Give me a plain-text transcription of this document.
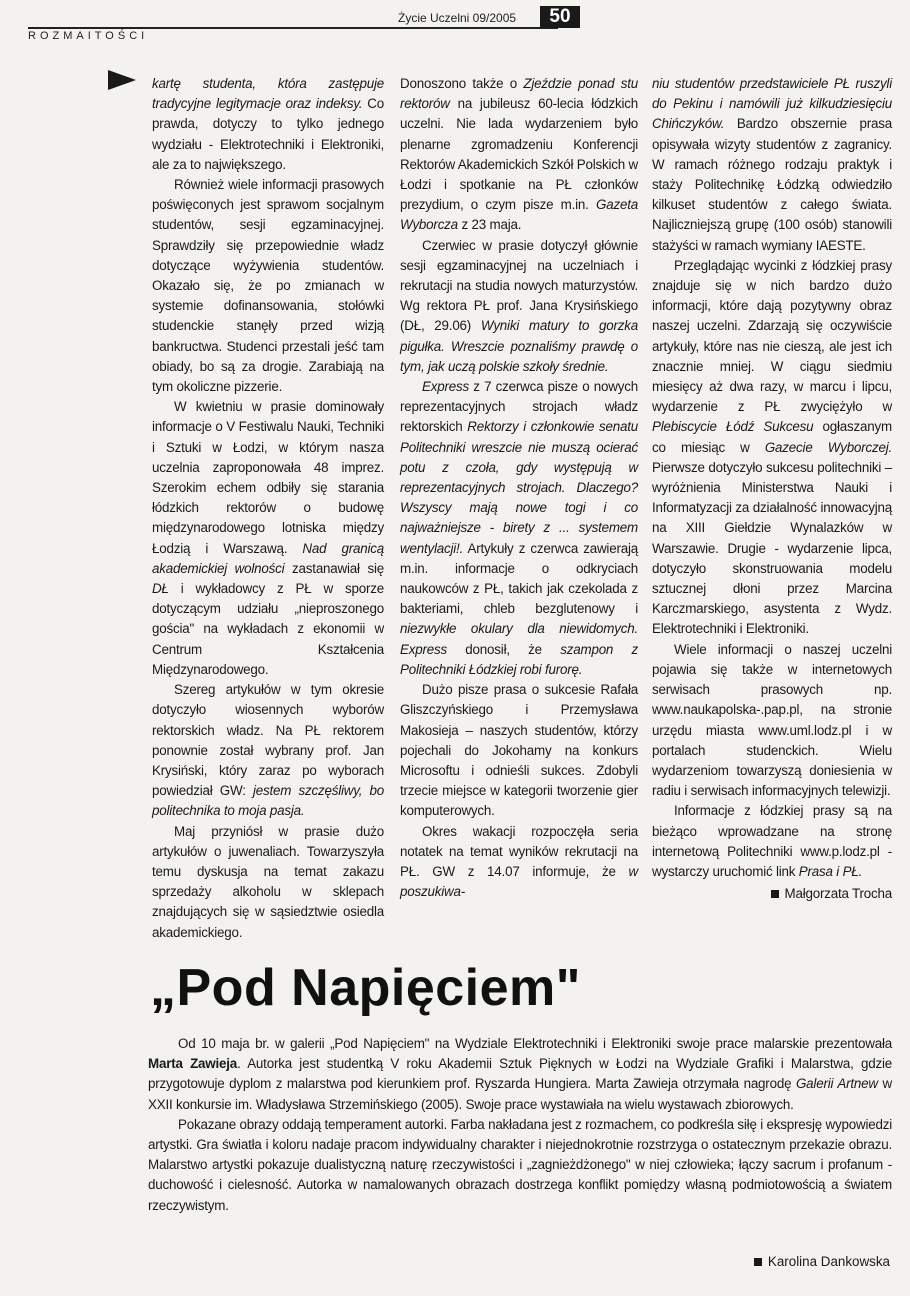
ROZMAITOŚCI
Życie Uczelni 09/2005	50

kartę studenta, która zastępuje tradycyjne legitymacje oraz indeksy. Co prawda, dotyczy to tylko jednego wydziału - Elektrotechniki i Elektroniki, ale za to największego.

Również wiele informacji prasowych poświęconych jest sprawom socjalnym studentów, sesji egzaminacyjnej. Sprawdziły się przepowiednie władz dotyczące wyżywienia studentów. Okazało się, że po zmianach w systemie dofinansowania, stołówki studenckie stanęły przed wizją bankructwa. Studenci przestali jeść tam obiady, bo są za drogie. Zarabiają na tym okoliczne pizzerie.

W kwietniu w prasie dominowały informacje o V Festiwalu Nauki, Techniki i Sztuki w Łodzi, w którym nasza uczelnia zaproponowała 48 imprez. Szerokim echem odbiły się starania łódzkich rektorów o budowę międzynarodowego lotniska między Łodzią i Warszawą. Nad granicą akademickiej wolności zastanawiał się DŁ i wykładowcy z PŁ w sporze dotyczącym udziału „nieproszonego gościa" na wykładach z ekonomii w Centrum Kształcenia Międzynarodowego.

Szereg artykułów w tym okresie dotyczyło wiosennych wyborów rektorskich władz. Na PŁ rektorem ponownie został wybrany prof. Jan Krysiński, który zaraz po wyborach powiedział GW: jestem szczęśliwy, bo politechnika to moja pasja.

Maj przyniósł w prasie dużo artykułów o juwenaliach. Towarzyszyła temu dyskusja na temat zakazu sprzedaży alkoholu w sklepach znajdujących się w sąsiedztwie osiedla akademickiego.

Donoszono także o Zjeździe ponad stu rektorów na jubileusz 60-lecia łódzkich uczelni. Nie lada wydarzeniem było plenarne zgromadzeniu Konferencji Rektorów Akademickich Szkół Polskich w Łodzi i spotkanie na PŁ członków prezydium, o czym pisze m.in. Gazeta Wyborcza z 23 maja.

Czerwiec w prasie dotyczył głównie sesji egzaminacyjnej na uczelniach i rekrutacji na studia nowych maturzystów. Wg rektora PŁ prof. Jana Krysińskiego (DŁ, 29.06) Wyniki matury to gorzka pigułka. Wreszcie poznaliśmy prawdę o tym, jak uczą polskie szkoły średnie.

Express z 7 czerwca pisze o nowych reprezentacyjnych strojach władz rektorskich Rektorzy i członkowie senatu Politechniki wreszcie nie muszą ocierać potu z czoła, gdy występują w reprezentacyjnych strojach. Dlaczego? Wszyscy mają nowe togi i co najważniejsze - birety z ... systemem wentylacji!. Artykuły z czerwca zawierają m.in. informacje o odkryciach naukowców z PŁ, takich jak czekolada z bakteriami, chleb bezglutenowy i niezwykłe okulary dla niewidomych. Express donosił, że szampon z Politechniki Łódzkiej robi furorę.

Dużo pisze prasa o sukcesie Rafała Gliszczyńskiego i Przemysława Makosieja – naszych studentów, którzy pojechali do Jokohamy na konkurs Microsoftu i odnieśli sukces. Zdobyli trzecie miejsce w kategorii tworzenie gier komputerowych.

Okres wakacji rozpoczęła seria notatek na temat wyników rekrutacji na PŁ. GW z 14.07 informuje, że w poszukiwa-

niu studentów przedstawiciele PŁ ruszyli do Pekinu i namówili już kilkudziesięciu Chińczyków. Bardzo obszernie prasa opisywała wizyty studentów z zagranicy. W ramach różnego rodzaju praktyk i staży Politechnikę Łódzką odwiedziło kilkuset studentów z całego świata. Najliczniejszą grupę (100 osób) stanowili stażyści w ramach wymiany IAESTE.

Przeglądając wycinki z łódzkiej prasy znajduje się w nich bardzo dużo informacji, które dają pozytywny obraz naszej uczelni. Zdarzają się oczywiście artykuły, które nas nie cieszą, ale jest ich znacznie mniej. W ciągu siedmiu miesięcy aż dwa razy, w marcu i lipcu, wydarzenie z PŁ zwyciężyło w Plebiscycie Łódź Sukcesu ogłaszanym co miesiąc w Gazecie Wyborczej. Pierwsze dotyczyło sukcesu politechniki – wyróżnienia Ministerstwa Nauki i Informatyzacji za działalność innowacyjną na XIII Giełdzie Wynalazków w Warszawie. Drugie - wydarzenie lipca, dotyczyło skonstruowania modelu sztucznej dłoni przez Marcina Karczmarskiego, asystenta z Wydz. Elektrotechniki i Elektroniki.

Wiele informacji o naszej uczelni pojawia się także w internetowych serwisach prasowych np. www.naukapolska-.pap.pl, na stronie urzędu miasta www.uml.lodz.pl i w portalach studenckich. Wielu wydarzeniom towarzyszą doniesienia w radiu i serwisach informacyjnych telewizji.

Informacje z łódzkiej prasy są na bieżąco wprowadzane na stronę internetową Politechniki www.p.lodz.pl - wystarczy uruchomić link Prasa i PŁ.

Małgorzata Trocha

„Pod Napięciem"

Od 10 maja br. w galerii „Pod Napięciem" na Wydziale Elektrotechniki i Elektroniki swoje prace malarskie prezentowała Marta Zawieja. Autorka jest studentką V roku Akademii Sztuk Pięknych w Łodzi na Wydziale Grafiki i Malarstwa, gdzie przygotowuje dyplom z malarstwa pod kierunkiem prof. Ryszarda Hungiera. Marta Zawieja otrzymała nagrodę Galerii Artnew w XXII konkursie im. Władysława Strzemińskiego (2005). Swoje prace wystawiała na wielu wystawach zbiorowych.

Pokazane obrazy oddają temperament autorki. Farba nakładana jest z rozmachem, co podkreśla siłę i ekspresję wypowiedzi artystki. Gra światła i koloru nadaje pracom indywidualny charakter i niejednokrotnie rozstrzyga o ostatecznym przekazie obrazu. Malarstwo artystki pokazuje dualistyczną naturę rzeczywistości i „zagnieżdżonego" w niej człowieka; łączy sacrum i profanum - duchowość i cielesność. Autorka w namalowanych obrazach dostrzega konflikt pomiędzy własną podmiotowością a światem rzeczywistym.

Karolina Dankowska
